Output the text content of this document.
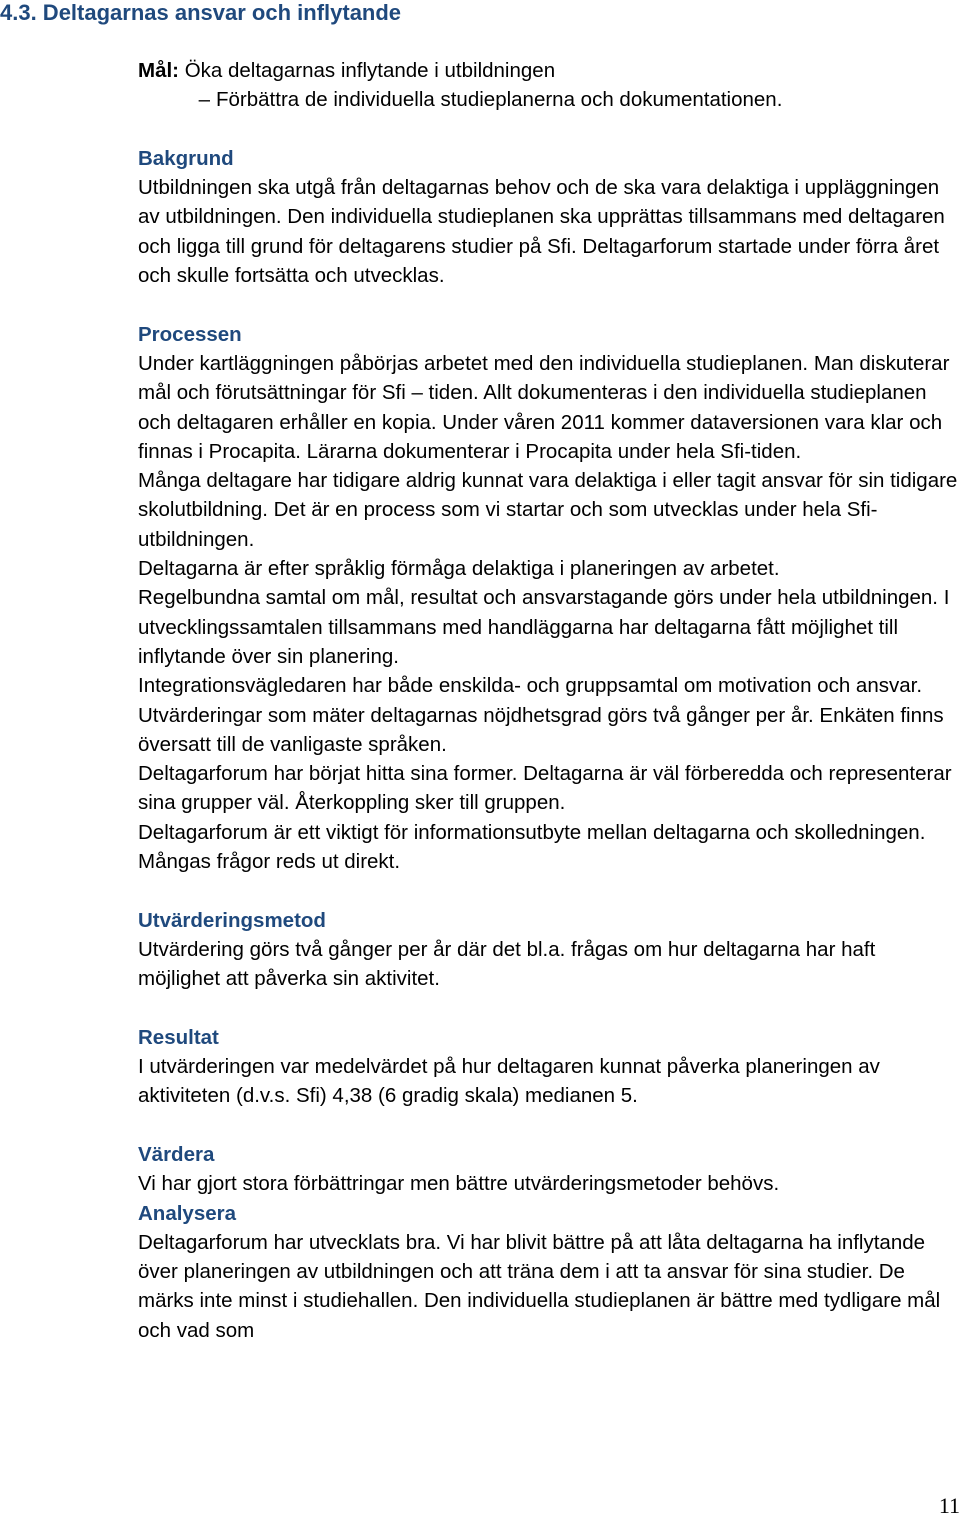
4.3. Deltagarnas ansvar och inflytande

Mål: Öka deltagarnas inflytande i utbildningen

– Förbättra de individuella studieplanerna och dokumentationen.

Bakgrund

Utbildningen ska utgå från deltagarnas behov och de ska vara delaktiga i uppläggningen av utbildningen. Den individuella studieplanen ska upprättas tillsammans med deltagaren och ligga till grund för deltagarens studier på Sfi. Deltagarforum startade under förra året och skulle fortsätta och utvecklas.

Processen

Under kartläggningen påbörjas arbetet med den individuella studieplanen. Man diskuterar mål och förutsättningar för Sfi – tiden. Allt dokumenteras i den individuella studieplanen och deltagaren erhåller en kopia. Under våren 2011 kommer dataversionen vara klar och finnas i Procapita. Lärarna dokumenterar i Procapita under hela Sfi-tiden.

Många deltagare har tidigare aldrig kunnat vara delaktiga i eller tagit ansvar för sin tidigare skolutbildning. Det är en process som vi startar och som utvecklas under hela Sfi- utbildningen.

Deltagarna är efter språklig förmåga delaktiga i planeringen av arbetet.

Regelbundna samtal om mål, resultat och ansvarstagande görs under hela utbildningen. I utvecklingssamtalen tillsammans med handläggarna har deltagarna fått möjlighet till inflytande över sin planering.

Integrationsvägledaren har både enskilda- och gruppsamtal om motivation och ansvar.

Utvärderingar som mäter deltagarnas nöjdhetsgrad görs två gånger per år. Enkäten finns översatt till de vanligaste språken.

Deltagarforum har börjat hitta sina former. Deltagarna är väl förberedda och representerar sina grupper väl. Återkoppling sker till gruppen.

Deltagarforum är ett viktigt för informationsutbyte mellan deltagarna och skolledningen. Mångas frågor reds ut direkt.

Utvärderingsmetod

Utvärdering görs två gånger per år där det bl.a. frågas om hur deltagarna har haft möjlighet att påverka sin aktivitet.

Resultat

I utvärderingen var medelvärdet på hur deltagaren kunnat påverka planeringen av aktiviteten (d.v.s. Sfi) 4,38 (6 gradig skala) medianen 5.

Värdera

Vi har gjort stora förbättringar men bättre utvärderingsmetoder behövs.

Analysera

Deltagarforum har utvecklats bra. Vi har blivit bättre på att låta deltagarna ha inflytande över planeringen av utbildningen och att träna dem i att ta ansvar för sina studier. De märks inte minst i studiehallen. Den individuella studieplanen är bättre med tydligare mål och vad som

11
